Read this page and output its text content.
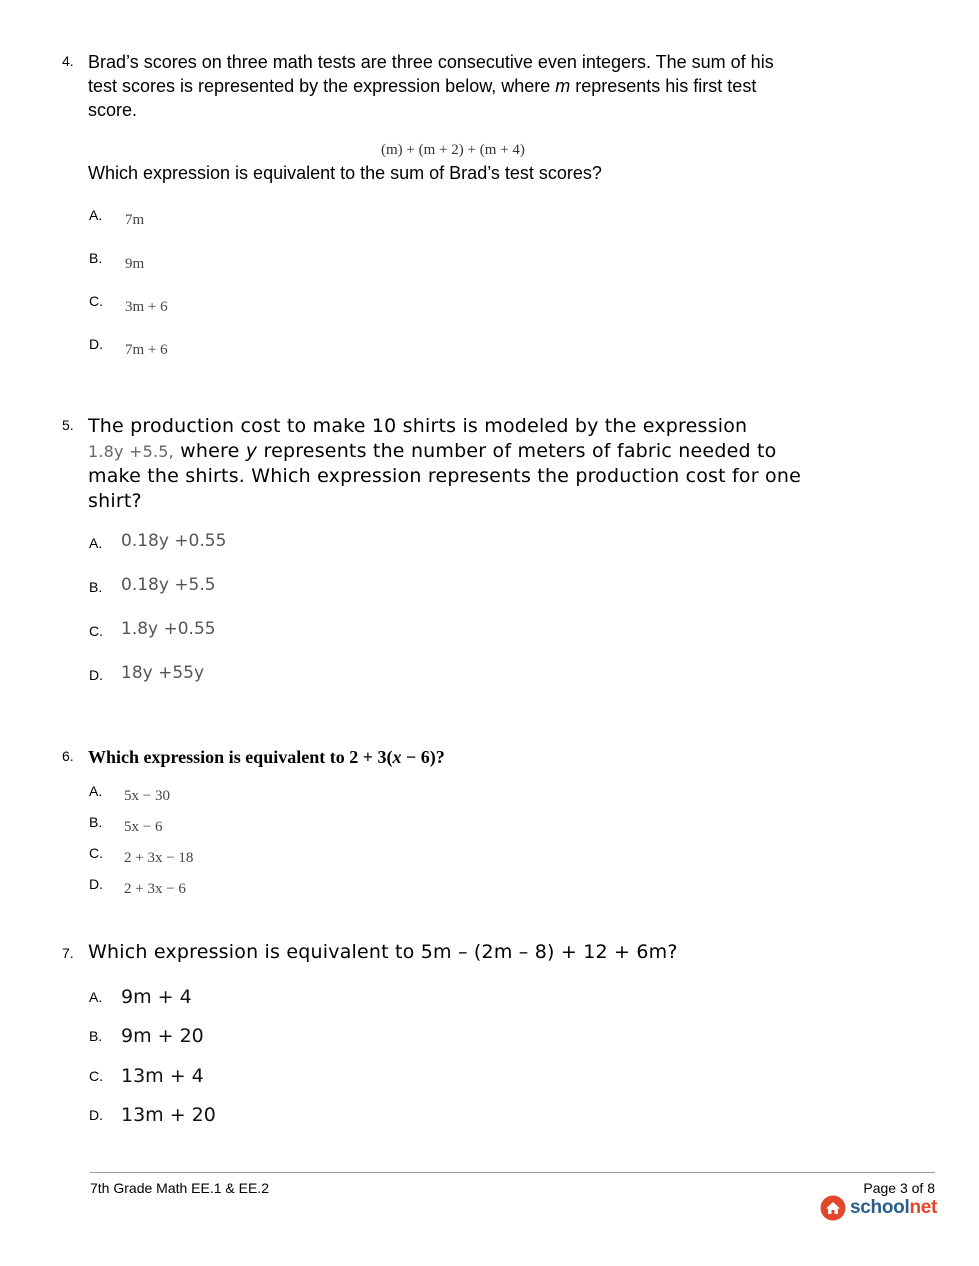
4. Brad’s scores on three math tests are three consecutive even integers. The sum of his
test scores is represented by the expression below, where m represents his first test
score.
(m) + (m + 2) + (m + 4)
Which expression is equivalent to the sum of Brad’s test scores?
A. 7m
B. 9m
C. 3m + 6
D. 7m + 6
5. The production cost to make 10 shirts is modeled by the expression
1.8y +5.5, where y represents the number of meters of fabric needed to
make the shirts. Which expression represents the production cost for one
shirt?
A. 0.18y +0.55
B. 0.18y +5.5
C. 1.8y +0.55
D. 18y +55y
6. Which expression is equivalent to 2 + 3(x − 6)?
A. 5x − 30
B. 5x − 6
C. 2 + 3x − 18
D. 2 + 3x − 6
7. Which expression is equivalent to 5m – (2m – 8) + 12 + 6m?
A. 9m + 4
B. 9m + 20
C. 13m + 4
D. 13m + 20
7th Grade Math EE.1 & EE.2	Page 3 of 8
school net
